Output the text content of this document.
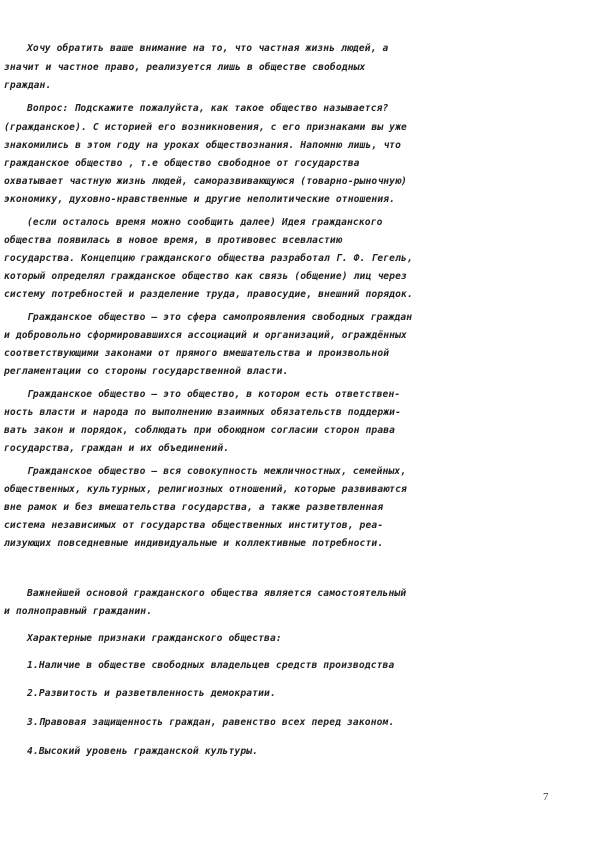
Хочу обратить ваше внимание на то, что частная жизнь людей, а
значит и частное право, реализуется лишь в обществе свободных
граждан.
Вопрос: Подскажите пожалуйста, как такое общество называется?
(гражданское). С историей его возникновения, с его признаками вы уже
знакомились в этом году на уроках обществознания. Напомню лишь, что
гражданское общество , т.е общество свободное от государства
охватывает частную жизнь людей, саморазвивающуюся (товарно-рыночную)
экономику, духовно-нравственные и другие неполитические отношения.
(если осталось время можно сообщить далее) Идея гражданского
общества появилась в новое время, в противовес всевластию
государства. Концепцию гражданского общества разработал Г. Ф. Гегель,
который определял гражданское общество как связь (общение) лиц через
систему потребностей и разделение труда, правосудие, внешний порядок.
Гражданское общество – это сфера самопроявления свободных граждан
и добровольно сформировавшихся ассоциаций и организаций, ограждённых
соответствующими законами от прямого вмешательства и произвольной
регламентации со стороны государственной власти.
Гражданское общество – это общество, в котором есть ответствен-
ность власти и народа по выполнению взаимных обязательств поддержи-
вать закон и порядок, соблюдать при обоюдном согласии сторон права
государства, граждан и их объединений.
Гражданское общество – вся совокупность межличностных, семейных,
общественных, культурных, религиозных отношений, которые развиваются
вне рамок и без вмешательства государства, а также разветвленная
система независимых от государства общественных институтов, реа-
лизующих повседневные индивидуальные и коллективные потребности.
Важнейшей основой гражданского общества является самостоятельный
и полноправный гражданин.
Характерные признаки гражданского общества:
1.Наличие в обществе свободных владельцев средств производства
2.Развитость и разветвленность демократии.
3.Правовая защищенность граждан, равенство всех перед законом.
4.Высокий уровень гражданской культуры.
7
